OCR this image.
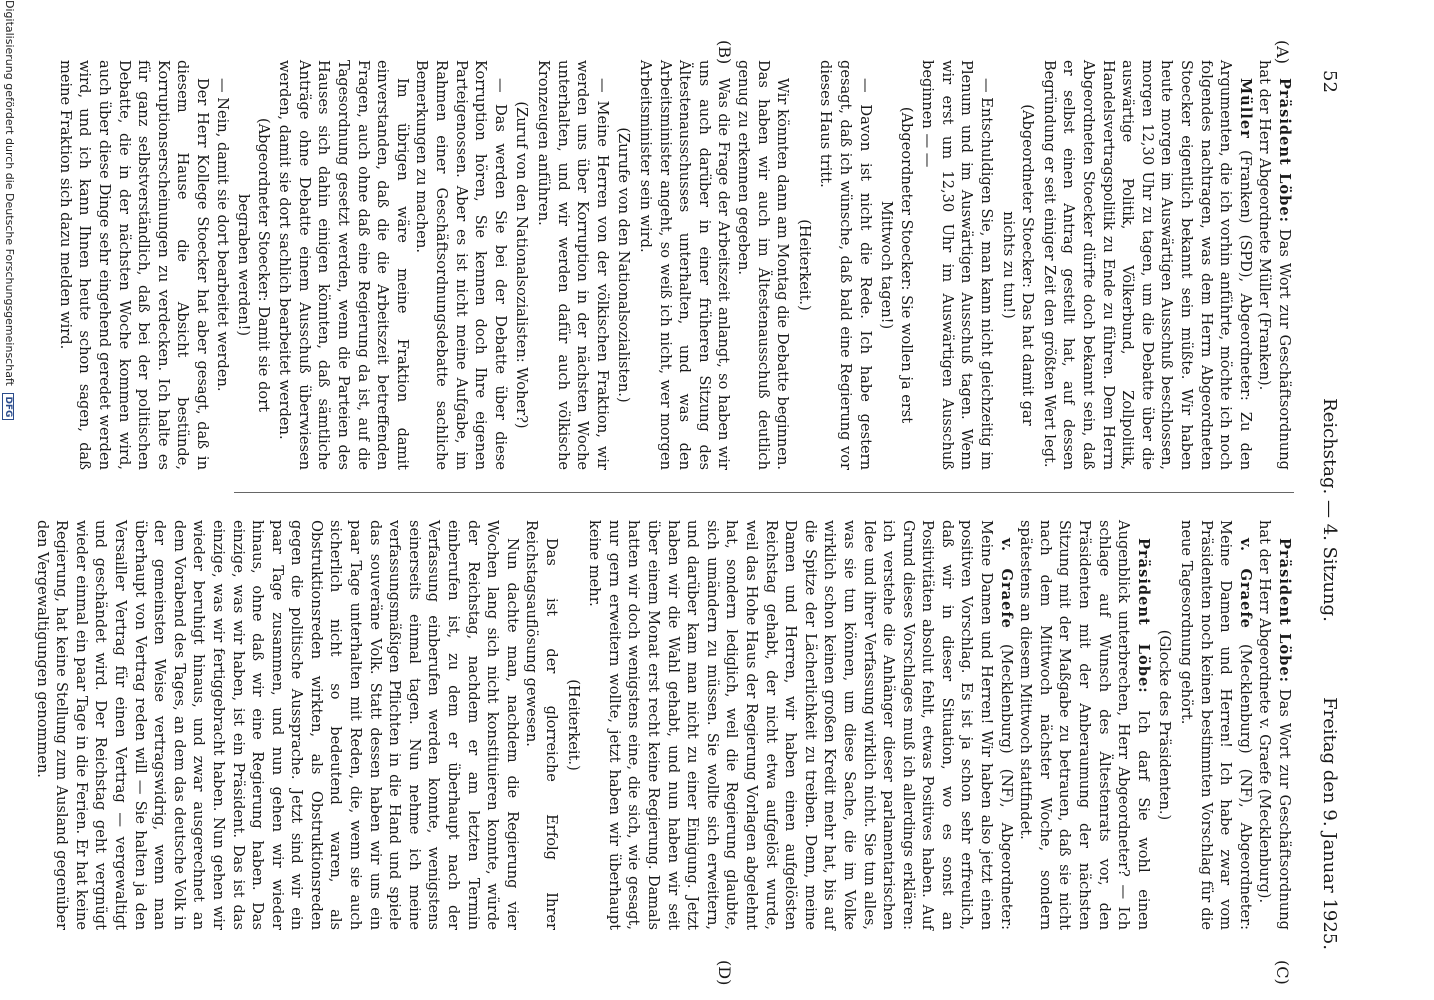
52
Reichstag. — 4. Sitzung.
Freitag den 9. Januar 1925.
(A)
(B)
(C)
(D)

Präsident Löbe: Das Wort zur Geschäftsordnung hat der Herr Abgeordnete Müller (Franken).

Müller (Franken) (SPD), Abgeordneter: Zu den Argumenten, die ich vorhin anführte, möchte ich noch folgendes nachtragen, was dem Herrn Abgeordneten Stoecker eigentlich bekannt sein müßte. Wir haben heute morgen im Auswärtigen Ausschuß beschlossen, morgen 12,30 Uhr zu tagen, um die Debatte über die auswärtige Politik, Völkerbund, Zollpolitik, Handelsvertragspolitik zu Ende zu führen. Dem Herrn Abgeordneten Stoecker dürfte doch bekannt sein, daß er selbst einen Antrag gestellt hat, auf dessen Begründung er seit einiger Zeit den größten Wert legt.

(Abgeordneter Stoecker: Das hat damit gar nichts zu tun!)

— Entschuldigen Sie, man kann nicht gleichzeitig im Plenum und im Auswärtigen Ausschuß tagen. Wenn wir erst um 12,30 Uhr im Auswärtigen Ausschuß beginnen — —

(Abgeordneter Stoecker: Sie wollen ja erst Mittwoch tagen!)

— Davon ist nicht die Rede. Ich habe gestern gesagt, daß ich wünsche, daß bald eine Regierung vor dieses Haus tritt.

(Heiterkeit.)

Wir könnten dann am Montag die Debatte beginnen. Das haben wir auch im Ältestenausschuß deutlich genug zu erkennen gegeben.

Was die Frage der Arbeitszeit anlangt, so haben wir uns auch darüber in einer früheren Sitzung des Ältestenausschusses unterhalten, und was den Arbeitsminister angeht, so weiß ich nicht, wer morgen Arbeitsminister sein wird.

(Zurufe von den Nationalsozialisten.)

— Meine Herren von der völkischen Fraktion, wir werden uns über Korruption in der nächsten Woche unterhalten, und wir werden dafür auch völkische Kronzeugen anführen.

(Zuruf von den Nationalsozialisten: Woher?)

— Das werden Sie bei der Debatte über diese Korruption hören, Sie kennen doch Ihre eigenen Parteigenossen. Aber es ist nicht meine Aufgabe, im Rahmen einer Geschäftsordnungsdebatte sachliche Bemerkungen zu machen.

Im übrigen wäre meine Fraktion damit einverstanden, daß die die Arbeitszeit betreffenden Fragen, auch ohne daß eine Regierung da ist, auf die Tagesordnung gesetzt werden, wenn die Parteien des Hauses sich dahin einigen könnten, daß sämtliche Anträge ohne Debatte einem Ausschuß überwiesen werden, damit sie dort sachlich bearbeitet werden.

(Abgeordneter Stoecker: Damit sie dort begraben werden!)

— Nein, damit sie dort bearbeitet werden.

Der Herr Kollege Stoecker hat aber gesagt, daß in diesem Hause die Absicht bestünde, Korruptionserscheinungen zu verdecken. Ich halte es für ganz selbstverständlich, daß bei der politischen Debatte, die in der nächsten Woche kommen wird, auch über diese Dinge sehr eingehend geredet werden wird, und ich kann Ihnen heute schon sagen, daß meine Fraktion sich dazu melden wird.

Präsident Löbe: Das Wort zur Geschäftsordnung hat der Herr Abgeordnete v. Graefe (Mecklenburg).

v. Graefe (Mecklenburg) (NF), Abgeordneter: Meine Damen und Herren! Ich habe zwar vom Präsidenten noch keinen bestimmten Vorschlag für die neue Tagesordnung gehört.

(Glocke des Präsidenten.)

Präsident Löbe: Ich darf Sie wohl einen Augenblick unterbrechen, Herr Abgeordneter? — Ich schlage auf Wunsch des Ältestenrats vor, den Präsidenten mit der Anberaumung der nächsten Sitzung mit der Maßgabe zu betrauen, daß sie nicht nach dem Mittwoch nächster Woche, sondern spätestens an diesem Mittwoch stattfindet.

v. Graefe (Mecklenburg) (NF), Abgeordneter: Meine Damen und Herren! Wir haben also jetzt einen positiven Vorschlag. Es ist ja schon sehr erfreulich, daß wir in dieser Situation, wo es sonst an Positivitäten absolut fehlt, etwas Positives haben. Auf Grund dieses Vorschlages muß ich allerdings erklären: ich verstehe die Anhänger dieser parlamentarischen Idee und ihrer Verfassung wirklich nicht. Sie tun alles, was sie tun können, um diese Sache, die im Volke wirklich schon keinen großen Kredit mehr hat, bis auf die Spitze der Lächerlichkeit zu treiben. Denn, meine Damen und Herren, wir haben einen aufgelösten Reichstag gehabt, der nicht etwa aufgelöst wurde, weil das Hohe Haus der Regierung Vorlagen abgelehnt hat, sondern lediglich, weil die Regierung glaubte, sich umändern zu müssen. Sie wollte sich erweitern, und darüber kam man nicht zu einer Einigung. Jetzt haben wir die Wahl gehabt, und nun haben wir seit über einem Monat erst recht keine Regierung. Damals hatten wir doch wenigstens eine, die sich, wie gesagt, nur gern erweitern wollte, jetzt haben wir überhaupt keine mehr.

(Heiterkeit.)

Das ist der glorreiche Erfolg Ihrer Reichstagsauflösung gewesen.

Nun dachte man, nachdem die Regierung vier Wochen lang sich nicht konstituieren konnte, würde der Reichstag, nachdem er am letzten Termin einberufen ist, zu dem er überhaupt nach der Verfassung einberufen werden konnte, wenigstens seinerseits einmal tagen. Nun nehme ich meine verfassungsmäßigen Pflichten in die Hand und spiele das souveräne Volk. Statt dessen haben wir uns ein paar Tage unterhalten mit Reden, die, wenn sie auch sicherlich nicht so bedeutend waren, als Obstruktionsreden wirkten, als Obstruktionsreden gegen die politische Aussprache. Jetzt sind wir ein paar Tage zusammen, und nun gehen wir wieder hinaus, ohne daß wir eine Regierung haben. Das einzige, was wir haben, ist ein Präsident. Das ist das einzige, was wir fertiggebracht haben. Nun gehen wir wieder beruhigt hinaus, und zwar ausgerechnet an dem Vorabend des Tages, an dem das deutsche Volk in der gemeinsten Weise vertragswidrig, wenn man überhaupt von Vertrag reden will — Sie halten ja den Versailler Vertrag für einen Vertrag — vergewaltigt und geschändet wird. Der Reichstag geht vergnügt wieder einmal ein paar Tage in die Ferien. Er hat keine Regierung, hat keine Stellung zum Ausland gegenüber den Vergewaltigungen genommen.

Digitalisierung gefördert durch die Deutsche Forschungsgemeinschaft DFG
